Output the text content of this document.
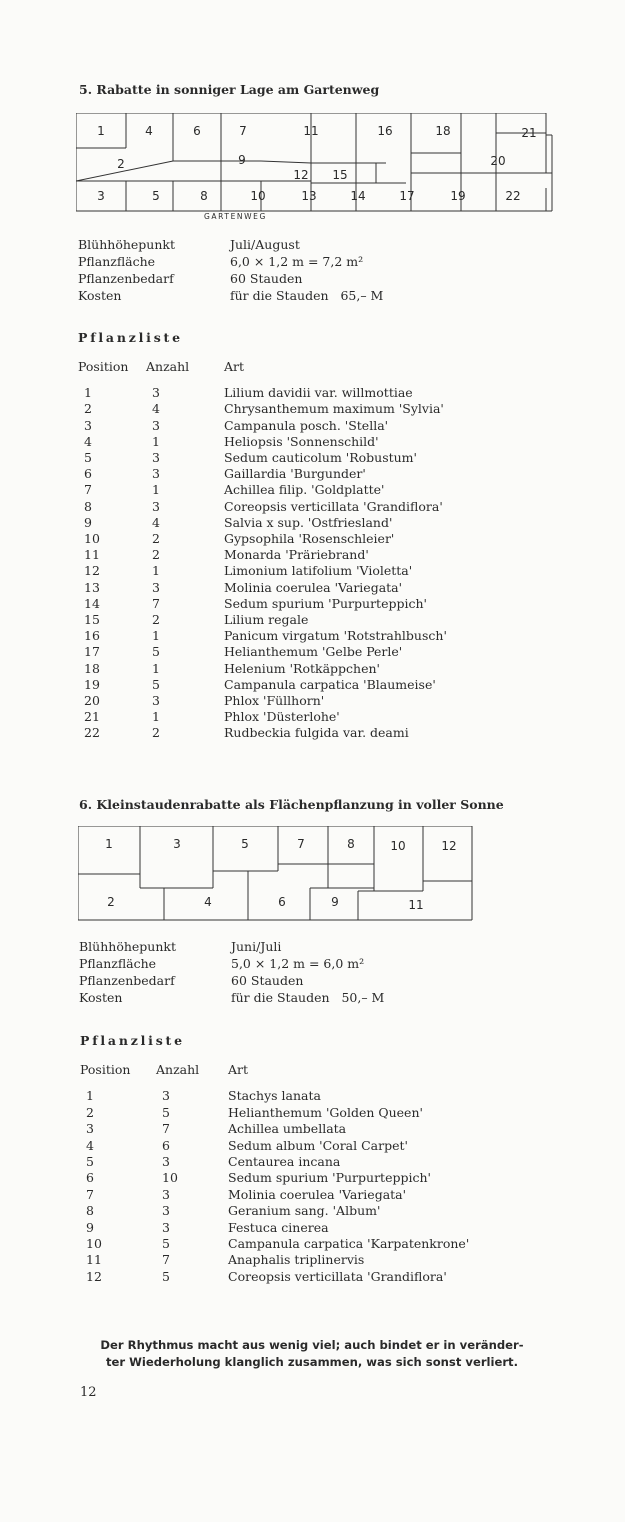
5. Rabatte in sonniger Lage am Gartenweg
1	4	6	7	11	16	18	21
2	9	20
12 15
3	5	8	10	13	14	17	19	22
GARTENWEG
Blühhöhepunkt	Juli/August
Pflanzfläche	6,0 ⨯ 1,2 m = 7,2 m²
Pflanzenbedarf	60 Stauden
Kosten	für die Stauden   65,– M
Pflanzliste
Position	Anzahl	Art
1	3	Lilium davidii var. willmottiae
2	4	Chrysanthemum maximum 'Sylvia'
3	3	Campanula posch. 'Stella'
4	1	Heliopsis 'Sonnenschild'
5	3	Sedum cauticolum 'Robustum'
6	3	Gaillardia 'Burgunder'
7	1	Achillea filip. 'Goldplatte'
8	3	Coreopsis verticillata 'Grandiflora'
9	4	Salvia x sup. 'Ostfriesland'
10	2	Gypsophila 'Rosenschleier'
11	2	Monarda 'Präriebrand'
12	1	Limonium latifolium 'Violetta'
13	3	Molinia coerulea 'Variegata'
14	7	Sedum spurium 'Purpurteppich'
15	2	Lilium regale
16	1	Panicum virgatum 'Rotstrahlbusch'
17	5	Helianthemum 'Gelbe Perle'
18	1	Helenium 'Rotkäppchen'
19	5	Campanula carpatica 'Blaumeise'
20	3	Phlox 'Füllhorn'
21	1	Phlox 'Düsterlohe'
22	2	Rudbeckia fulgida var. deami
6. Kleinstaudenrabatte als Flächenpflanzung in voller Sonne
1	3	5	7	8	10	12
2	4	6	9	11
Blühhöhepunkt	Juni/Juli
Pflanzfläche	5,0 ⨯ 1,2 m = 6,0 m²
Pflanzenbedarf	60 Stauden
Kosten	für die Stauden   50,– M
Pflanzliste
Position	Anzahl	Art
1	3	Stachys lanata
2	5	Helianthemum 'Golden Queen'
3	7	Achillea umbellata
4	6	Sedum album 'Coral Carpet'
5	3	Centaurea incana
6	10	Sedum spurium 'Purpurteppich'
7	3	Molinia coerulea 'Variegata'
8	3	Geranium sang. 'Album'
9	3	Festuca cinerea
10	5	Campanula carpatica 'Karpatenkrone'
11	7	Anaphalis triplinervis
12	5	Coreopsis verticillata 'Grandiflora'
Der Rhythmus macht aus wenig viel; auch bindet er in veränder-
ter Wiederholung klanglich zusammen, was sich sonst verliert.
12
